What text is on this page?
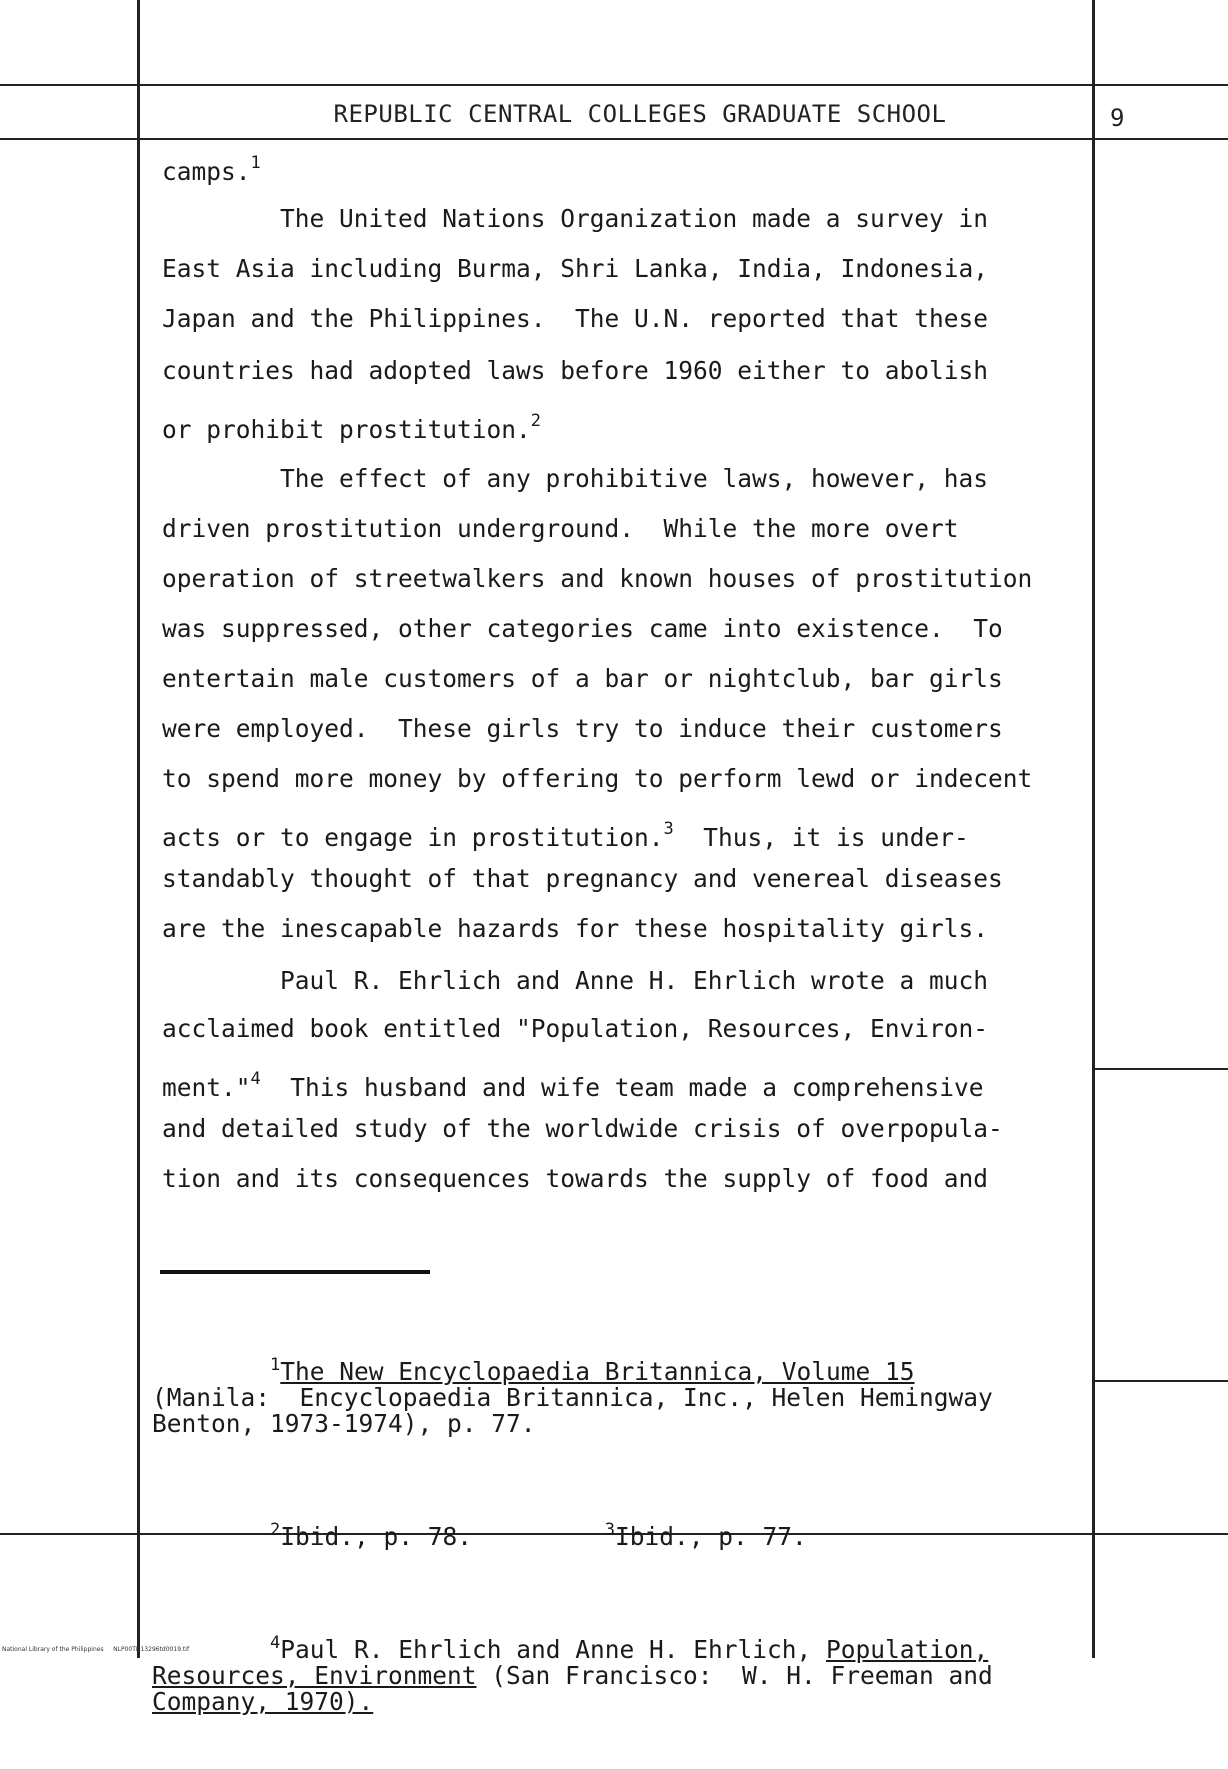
REPUBLIC CENTRAL COLLEGES GRADUATE SCHOOL	9
camps.$^1$
The United Nations Organization made a survey in
East Asia including Burma, Shri Lanka, India, Indonesia,
Japan and the Philippines.  The U.N. reported that these
countries had adopted laws before 1960 either to abolish
or prohibit prostitution.$^2$
The effect of any prohibitive laws, however, has
driven prostitution underground.  While the more overt
operation of streetwalkers and known houses of prostitution
was suppressed, other categories came into existence.  To
entertain male customers of a bar or nightclub, bar girls
were employed.  These girls try to induce their customers
to spend more money by offering to perform lewd or indecent
acts or to engage in prostitution.$^3$  Thus, it is under-
standably thought of that pregnancy and venereal diseases
are the inescapable hazards for these hospitality girls.
Paul R. Ehrlich and Anne H. Ehrlich wrote a much
acclaimed book entitled "Population, Resources, Environ-
ment."$^4$  This husband and wife team made a comprehensive
and detailed study of the worldwide crisis of overpopula-
tion and its consequences towards the supply of food and

$^1$The New Encyclopaedia Britannica, Volume 15
(Manila:  Encyclopaedia Britannica, Inc., Helen Hemingway
Benton, 1973-1974), p. 77.

$^2$Ibid., p. 78.	$^3$Ibid., p. 77.

$^4$Paul R. Ehrlich and Anne H. Ehrlich, Population,
Resources, Environment (San Francisco:  W. H. Freeman and
Company, 1970).

National Library of the Philippines NLP00TD13296td0019.tif
